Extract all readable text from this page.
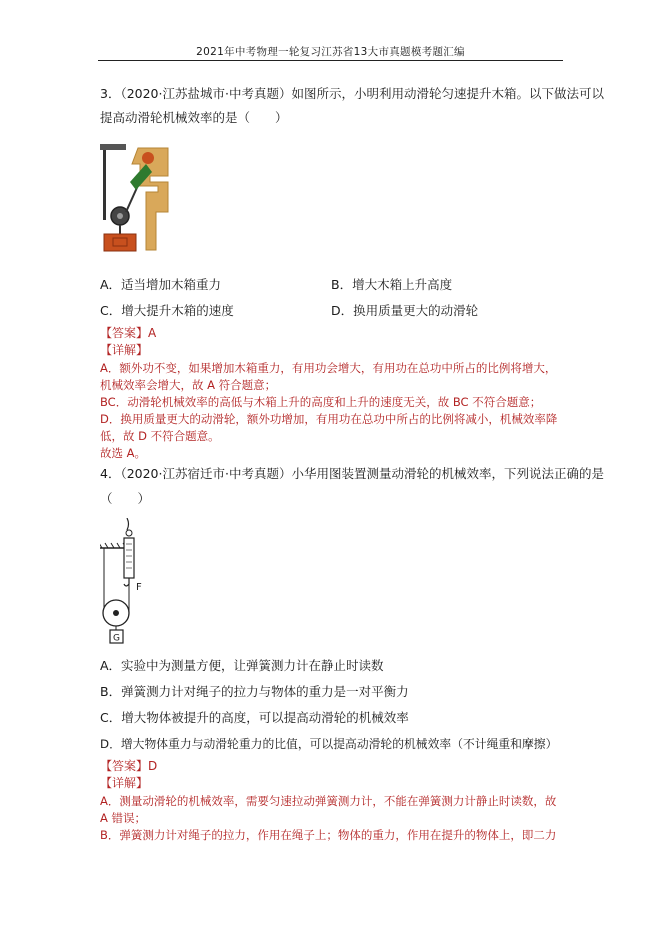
2021年中考物理一轮复习江苏省13大市真题模考题汇编
3．（2020·江苏盐城市·中考真题）如图所示，小明利用动滑轮匀速提升木箱。以下做法可以
提高动滑轮机械效率的是（　　）
A．适当增加木箱重力	B．增大木箱上升高度
C．增大提升木箱的速度	D．换用质量更大的动滑轮
【答案】A
【详解】
A．额外功不变，如果增加木箱重力，有用功会增大，有用功在总功中所占的比例将增大，
机械效率会增大，故 A 符合题意；
BC．动滑轮机械效率的高低与木箱上升的高度和上升的速度无关，故 BC 不符合题意；
D．换用质量更大的动滑轮，额外功增加，有用功在总功中所占的比例将减小，机械效率降
低，故 D 不符合题意。
故选 A。
4．（2020·江苏宿迁市·中考真题）小华用图装置测量动滑轮的机械效率，下列说法正确的是
（　　）
F
G
A．实验中为测量方便，让弹簧测力计在静止时读数
B．弹簧测力计对绳子的拉力与物体的重力是一对平衡力
C．增大物体被提升的高度，可以提高动滑轮的机械效率
D．增大物体重力与动滑轮重力的比值，可以提高动滑轮的机械效率（不计绳重和摩擦）
【答案】D
【详解】
A．测量动滑轮的机械效率，需要匀速拉动弹簧测力计，不能在弹簧测力计静止时读数，故
A 错误；
B．弹簧测力计对绳子的拉力，作用在绳子上；物体的重力，作用在提升的物体上，即二力
